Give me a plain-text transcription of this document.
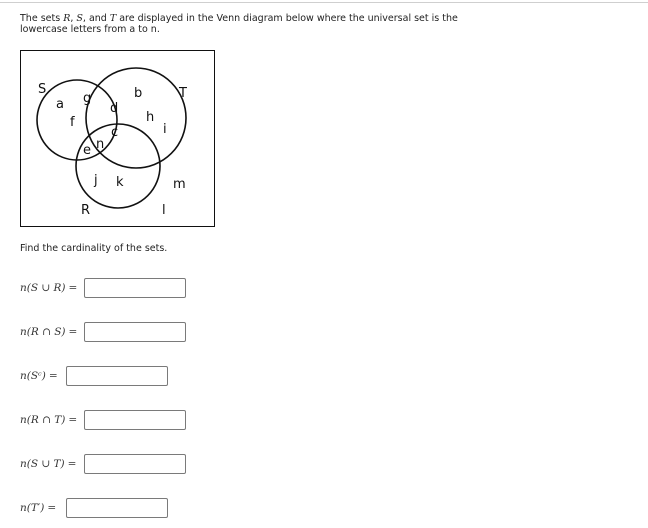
The sets R, S, and T are displayed in the Venn diagram below where the universal set is the lowercase letters from a to n.
S	T
R
a g
f
d
c
e n
b
h
i
j k	m
l
Find the cardinality of the sets.
n(S ∪ R) =
n(R ∩ S) =
n(Sᶜ) =
n(R ∩ T) =
n(S ∪ T) =
n(T′) =
